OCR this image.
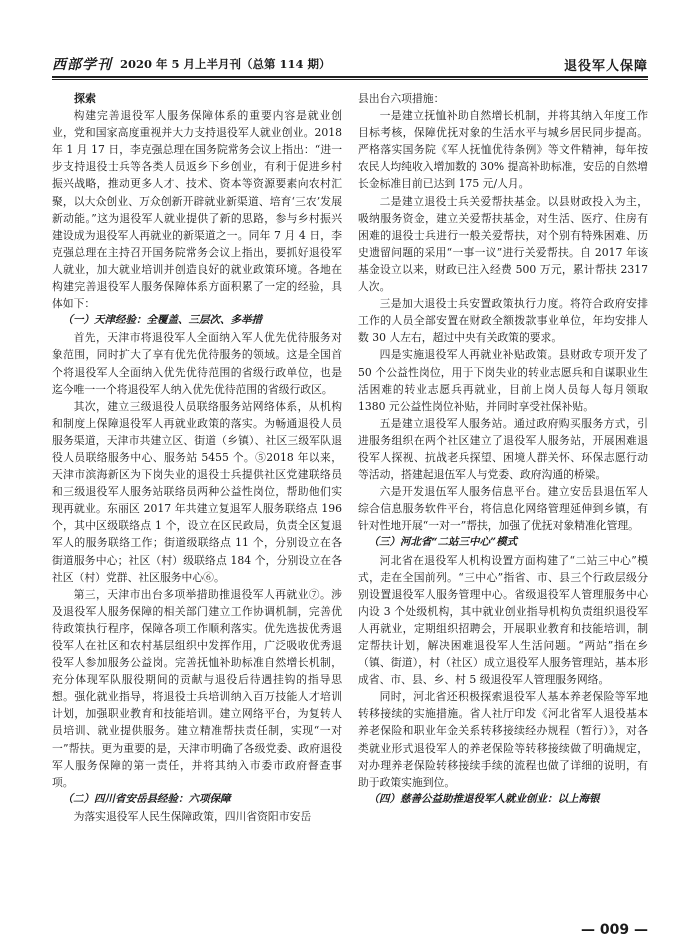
西部学刊 2020 年 5 月上半月刊（总第 114 期）	退役军人保障

探索

构建完善退役军人服务保障体系的重要内容是就业创业，党和国家高度重视并大力支持退役军人就业创业。2018 年 1 月 17 日，李克强总理在国务院常务会议上指出：“进一步支持退役士兵等各类人员返乡下乡创业，有利于促进乡村振兴战略，推动更多人才、技术、资本等资源要素向农村汇聚，以大众创业、万众创新开辟就业新渠道、培育‘三农’发展新动能。”这为退役军人就业提供了新的思路，参与乡村振兴建设成为退役军人再就业的新渠道之一。同年 7 月 4 日，李克强总理在主持召开国务院常务会议上指出，要抓好退役军人就业，加大就业培训并创造良好的就业政策环境。各地在构建完善退役军人服务保障体系方面积累了一定的经验，具体如下：

（一）天津经验：全覆盖、三层次、多举措

首先，天津市将退役军人全面纳入军人优先优待服务对象范围，同时扩大了享有优先优待服务的领域。这是全国首个将退役军人全面纳入优先优待范围的省级行政单位，也是迄今唯一一个将退役军人纳入优先优待范围的省级行政区。

其次，建立三级退役人员联络服务站网络体系，从机构和制度上保障退役军人再就业政策的落实。为畅通退役人员服务渠道，天津市共建立区、街道（乡镇）、社区三级军队退役人员联络服务中心、服务站 5455 个。⑤2018 年以来，天津市滨海新区为下岗失业的退役士兵提供社区党建联络员和三级退役军人服务站联络员两种公益性岗位，帮助他们实现再就业。东丽区 2017 年共建立复退军人服务联络点 196 个，其中区级联络点 1 个，设立在区民政局，负责全区复退军人的服务联络工作；街道级联络点 11 个，分别设立在各街道服务中心；社区（村）级联络点 184 个，分别设立在各社区（村）党群、社区服务中心⑥。

第三，天津市出台多项举措助推退役军人再就业⑦。涉及退役军人服务保障的相关部门建立工作协调机制，完善优待政策执行程序，保障各项工作顺利落实。优先选拔优秀退役军人在社区和农村基层组织中发挥作用，广泛吸收优秀退役军人参加服务公益岗。完善抚恤补助标准自然增长机制，充分体现军队服役期间的贡献与退役后待遇挂钩的指导思想。强化就业指导，将退役士兵培训纳入百万技能人才培训计划，加强职业教育和技能培训。建立网络平台，为复转人员培训、就业提供服务。建立精准帮扶责任制，实现“一对一”帮扶。更为重要的是，天津市明确了各级党委、政府退役军人服务保障的第一责任，并将其纳入市委市政府督查事项。

（二）四川省安岳县经验：六项保障

为落实退役军人民生保障政策，四川省资阳市安岳

县出台六项措施：

一是建立抚恤补助自然增长机制，并将其纳入年度工作目标考核，保障优抚对象的生活水平与城乡居民同步提高。严格落实国务院《军人抚恤优待条例》等文件精神，每年按农民人均纯收入增加数的 30% 提高补助标准，安岳的自然增长金标准目前已达到 175 元/人月。

二是建立退役士兵关爱帮扶基金。以县财政投入为主，吸纳服务资金，建立关爱帮扶基金，对生活、医疗、住房有困难的退役士兵进行一般关爱帮扶，对个别有特殊困难、历史遗留问题的采用“一事一议”进行关爱帮扶。自 2017 年该基金设立以来，财政已注入经费 500 万元，累计帮扶 2317 人次。

三是加大退役士兵安置政策执行力度。将符合政府安排工作的人员全部安置在财政全额拨款事业单位，年均安排人数 30 人左右，超过中央有关政策的要求。

四是实施退役军人再就业补贴政策。县财政专项开发了 50 个公益性岗位，用于下岗失业的转业志愿兵和自谋职业生活困难的转业志愿兵再就业，目前上岗人员每人每月领取 1380 元公益性岗位补贴，并同时享受社保补贴。

五是建立退役军人服务站。通过政府购买服务方式，引进服务组织在两个社区建立了退役军人服务站，开展困难退役军人探视、抗战老兵探望、困境人群关怀、环保志愿行动等活动，搭建起退伍军人与党委、政府沟通的桥梁。

六是开发退伍军人服务信息平台。建立安岳县退伍军人综合信息服务软件平台，将信息化网络管理延伸到乡镇，有针对性地开展“一对一”帮扶，加强了优抚对象精准化管理。

（三）河北省“二站三中心”模式

河北省在退役军人机构设置方面构建了“二站三中心”模式，走在全国前列。“三中心”指省、市、县三个行政层级分别设置退役军人服务管理中心。省级退役军人管理服务中心内设 3 个处级机构，其中就业创业指导机构负责组织退役军人再就业，定期组织招聘会，开展职业教育和技能培训，制定帮扶计划，解决困难退役军人生活问题。“两站”指在乡（镇、街道），村（社区）成立退役军人服务管理站，基本形成省、市、县、乡、村 5 级退役军人管理服务网络。

同时，河北省还积极探索退役军人基本养老保险等军地转移接续的实施措施。省人社厅印发《河北省军人退役基本养老保险和职业年金关系转移接续经办规程（暂行）》，对各类就业形式退役军人的养老保险等转移接续做了明确规定，对办理养老保险转移接续手续的流程也做了详细的说明，有助于政策实施到位。

（四）慈善公益助推退役军人就业创业：以上海银

— 009 —
